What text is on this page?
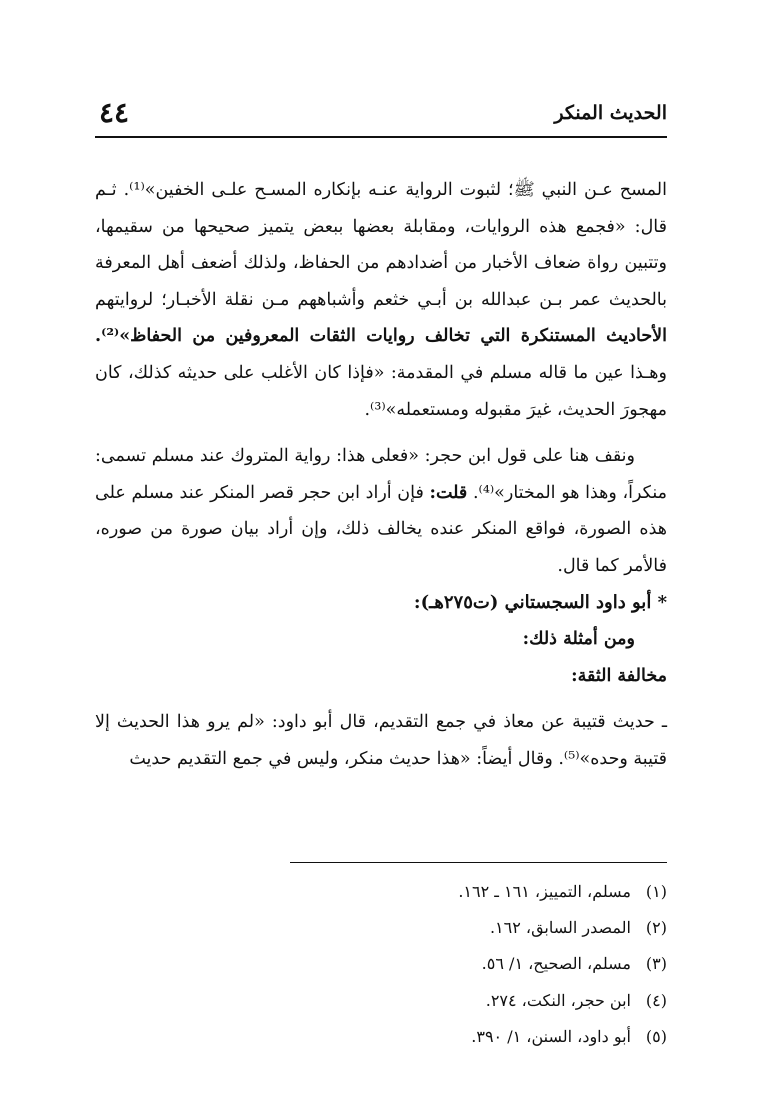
الحديث المنكر
٤٤

المسح عـن النبي ﷺ؛ لثبوت الرواية عنـه بإنكاره المسـح علـى الخفين»⁽¹⁾. ثـم قال: «فجمع هذه الروايات، ومقابلة بعضها ببعض يتميز صحيحها من سقيمها، وتتبين رواة ضعاف الأخبار من أضدادهم من الحفاظ، ولذلك أضعف أهل المعرفة بالحديث عمر بـن عبدالله بن أبـي خثعم وأشباههم مـن نقلة الأخبـار؛ لروايتهم الأحاديث المستنكرة التي تخالف روايات الثقات المعروفين من الحفاظ»⁽²⁾. وهـذا عين ما قاله مسلم في المقدمة: «فإذا كان الأغلب على حديثه كذلك، كان مهجورَ الحديث، غيرَ مقبوله ومستعمله»⁽³⁾.

ونقف هنا على قول ابن حجر: «فعلى هذا: رواية المتروك عند مسلم تسمى: منكراً، وهذا هو المختار»⁽⁴⁾. قلت: فإن أراد ابن حجر قصر المنكر عند مسلم على هذه الصورة، فواقع المنكر عنده يخالف ذلك، وإن أراد بيان صورة من صوره، فالأمر كما قال.

* أبو داود السجستاني (ت٢٧٥هـ):

ومن أمثلة ذلك:

مخالفة الثقة:

ـ حديث قتيبة عن معاذ في جمع التقديم، قال أبو داود: «لم يرو هذا الحديث إلا قتيبة وحده»⁽⁵⁾. وقال أيضاً: «هذا حديث منكر، وليس في جمع التقديم حديث

(١)مسلم، التمييز، ١٦١ ـ ١٦٢.
(٢)المصدر السابق، ١٦٢.
(٣)مسلم، الصحيح، ١/ ٥٦.
(٤)ابن حجر، النكت، ٢٧٤.
(٥)أبو داود، السنن، ١/ ٣٩٠.
